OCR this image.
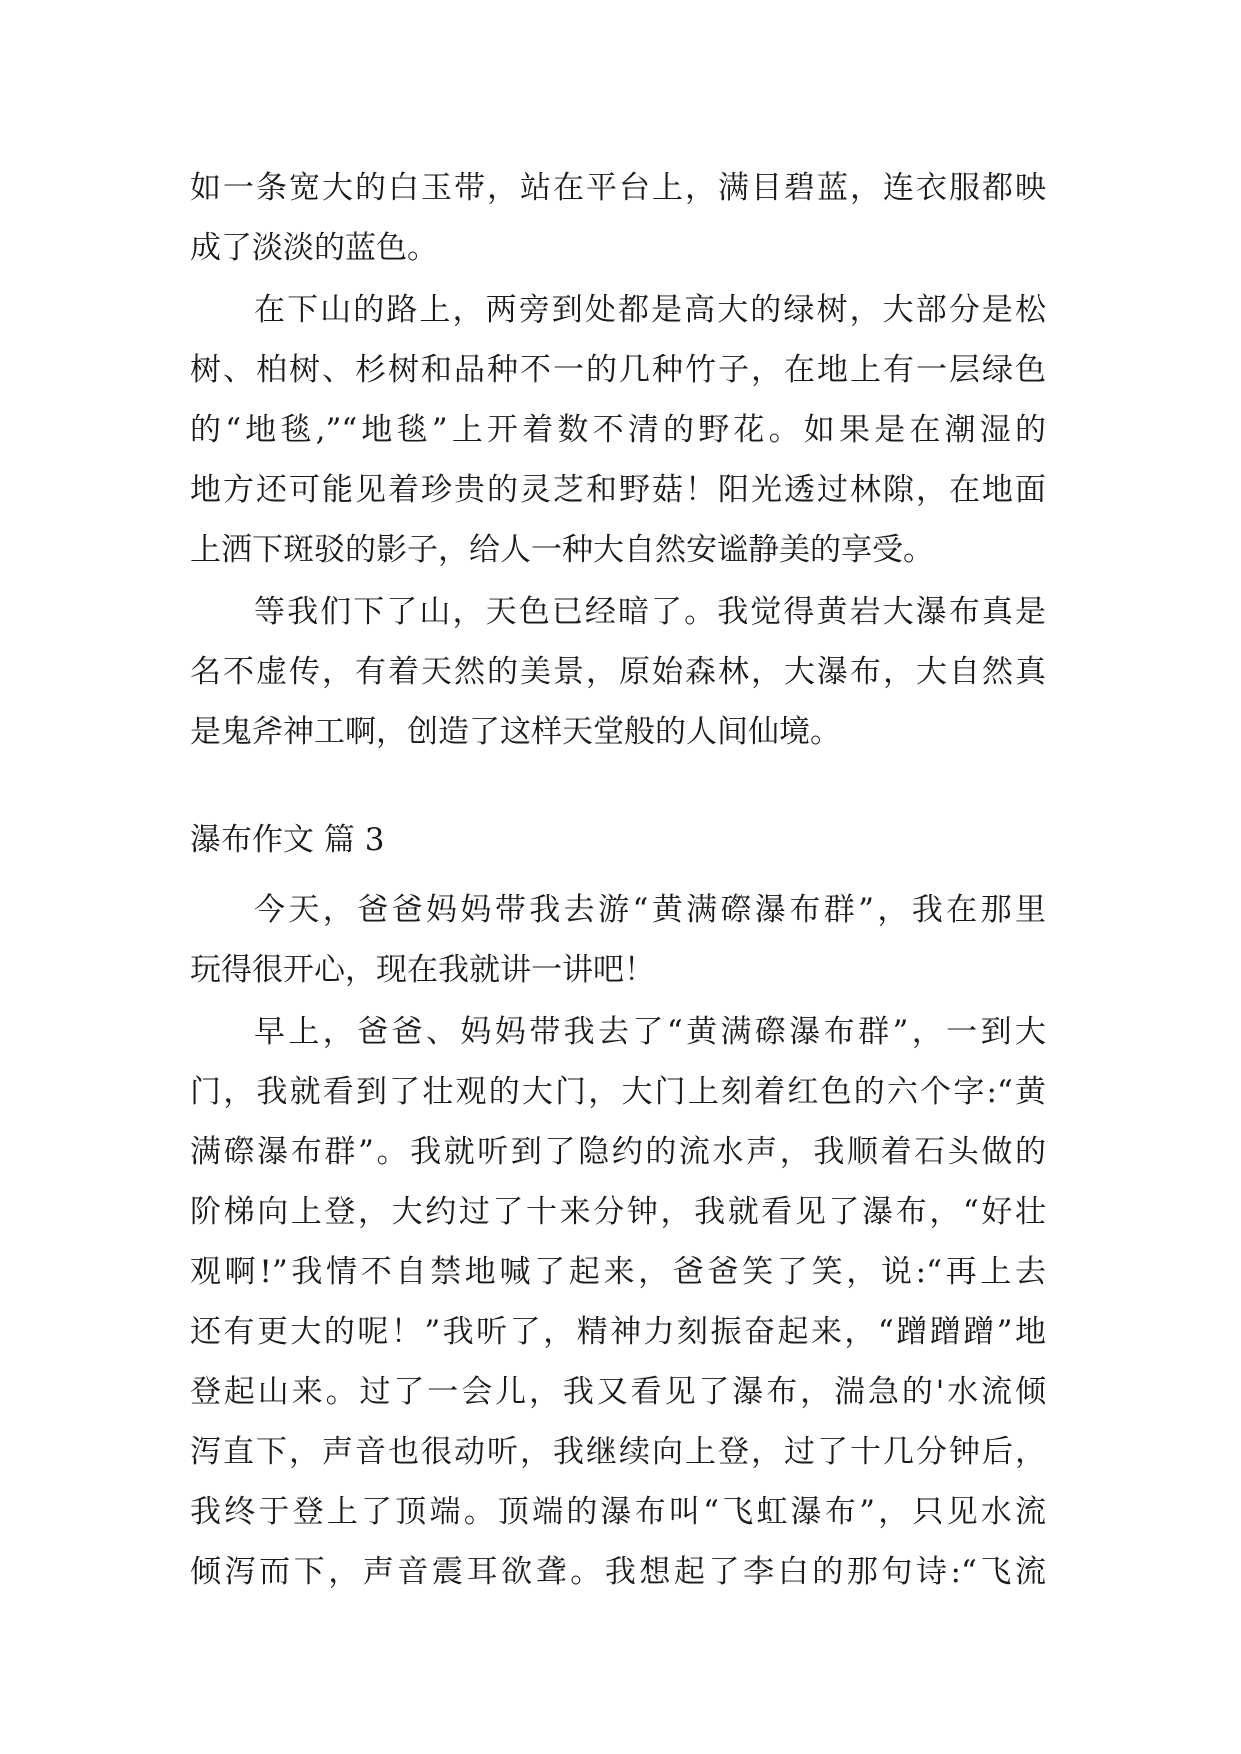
如一条宽大的白玉带，站在平台上，满目碧蓝，连衣服都映

成了淡淡的蓝色。

在下山的路上，两旁到处都是高大的绿树，大部分是松

树、柏树、杉树和品种不一的几种竹子，在地上有一层绿色

的“地毯,”“地毯”上开着数不清的野花。如果是在潮湿的

地方还可能见着珍贵的灵芝和野菇！阳光透过林隙，在地面

上洒下斑驳的影子，给人一种大自然安谧静美的享受。

等我们下了山，天色已经暗了。我觉得黄岩大瀑布真是

名不虚传，有着天然的美景，原始森林，大瀑布，大自然真

是鬼斧神工啊，创造了这样天堂般的人间仙境。

瀑布作文 篇 3

今天，爸爸妈妈带我去游“黄满磜瀑布群”，我在那里

玩得很开心，现在我就讲一讲吧！

早上，爸爸、妈妈带我去了“黄满磜瀑布群”，一到大

门，我就看到了壮观的大门，大门上刻着红色的六个字:“黄

满磜瀑布群”。我就听到了隐约的流水声，我顺着石头做的

阶梯向上登，大约过了十来分钟，我就看见了瀑布，“好壮

观啊!”我情不自禁地喊了起来，爸爸笑了笑，说:“再上去

还有更大的呢！”我听了，精神力刻振奋起来，“蹭蹭蹭”地

登起山来。过了一会儿，我又看见了瀑布，湍急的'水流倾

泻直下，声音也很动听，我继续向上登，过了十几分钟后，

我终于登上了顶端。顶端的瀑布叫“飞虹瀑布”，只见水流

倾泻而下，声音震耳欲聋。我想起了李白的那句诗:“飞流
